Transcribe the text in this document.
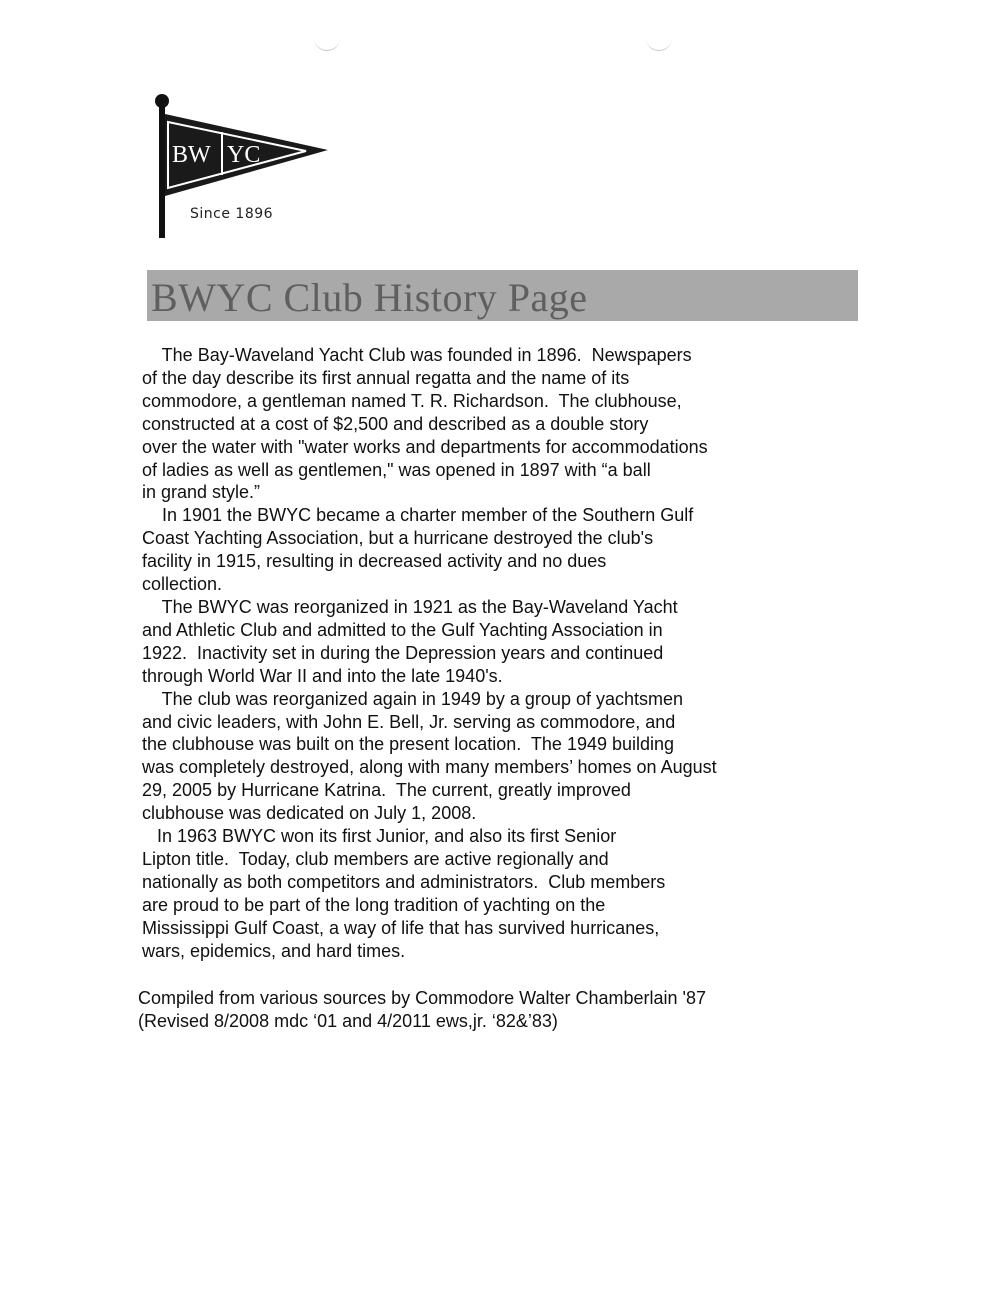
BW YC
Since 1896
BWYC Club History Page
The Bay-Waveland Yacht Club was founded in 1896.  Newspapers
of the day describe its first annual regatta and the name of its
commodore, a gentleman named T. R. Richardson.  The clubhouse,
constructed at a cost of $2,500 and described as a double story
over the water with "water works and departments for accommodations
of ladies as well as gentlemen," was opened in 1897 with “a ball
in grand style.”
In 1901 the BWYC became a charter member of the Southern Gulf
Coast Yachting Association, but a hurricane destroyed the club's
facility in 1915, resulting in decreased activity and no dues
collection.
The BWYC was reorganized in 1921 as the Bay-Waveland Yacht
and Athletic Club and admitted to the Gulf Yachting Association in
1922.  Inactivity set in during the Depression years and continued
through World War II and into the late 1940's.
The club was reorganized again in 1949 by a group of yachtsmen
and civic leaders, with John E. Bell, Jr. serving as commodore, and
the clubhouse was built on the present location.  The 1949 building
was completely destroyed, along with many members’ homes on August
29, 2005 by Hurricane Katrina.  The current, greatly improved
clubhouse was dedicated on July 1, 2008.
In 1963 BWYC won its first Junior, and also its first Senior
Lipton title.  Today, club members are active regionally and
nationally as both competitors and administrators.  Club members
are proud to be part of the long tradition of yachting on the
Mississippi Gulf Coast, a way of life that has survived hurricanes,
wars, epidemics, and hard times.
Compiled from various sources by Commodore Walter Chamberlain '87
(Revised 8/2008 mdc ‘01 and 4/2011 ews,jr. ‘82&’83)
